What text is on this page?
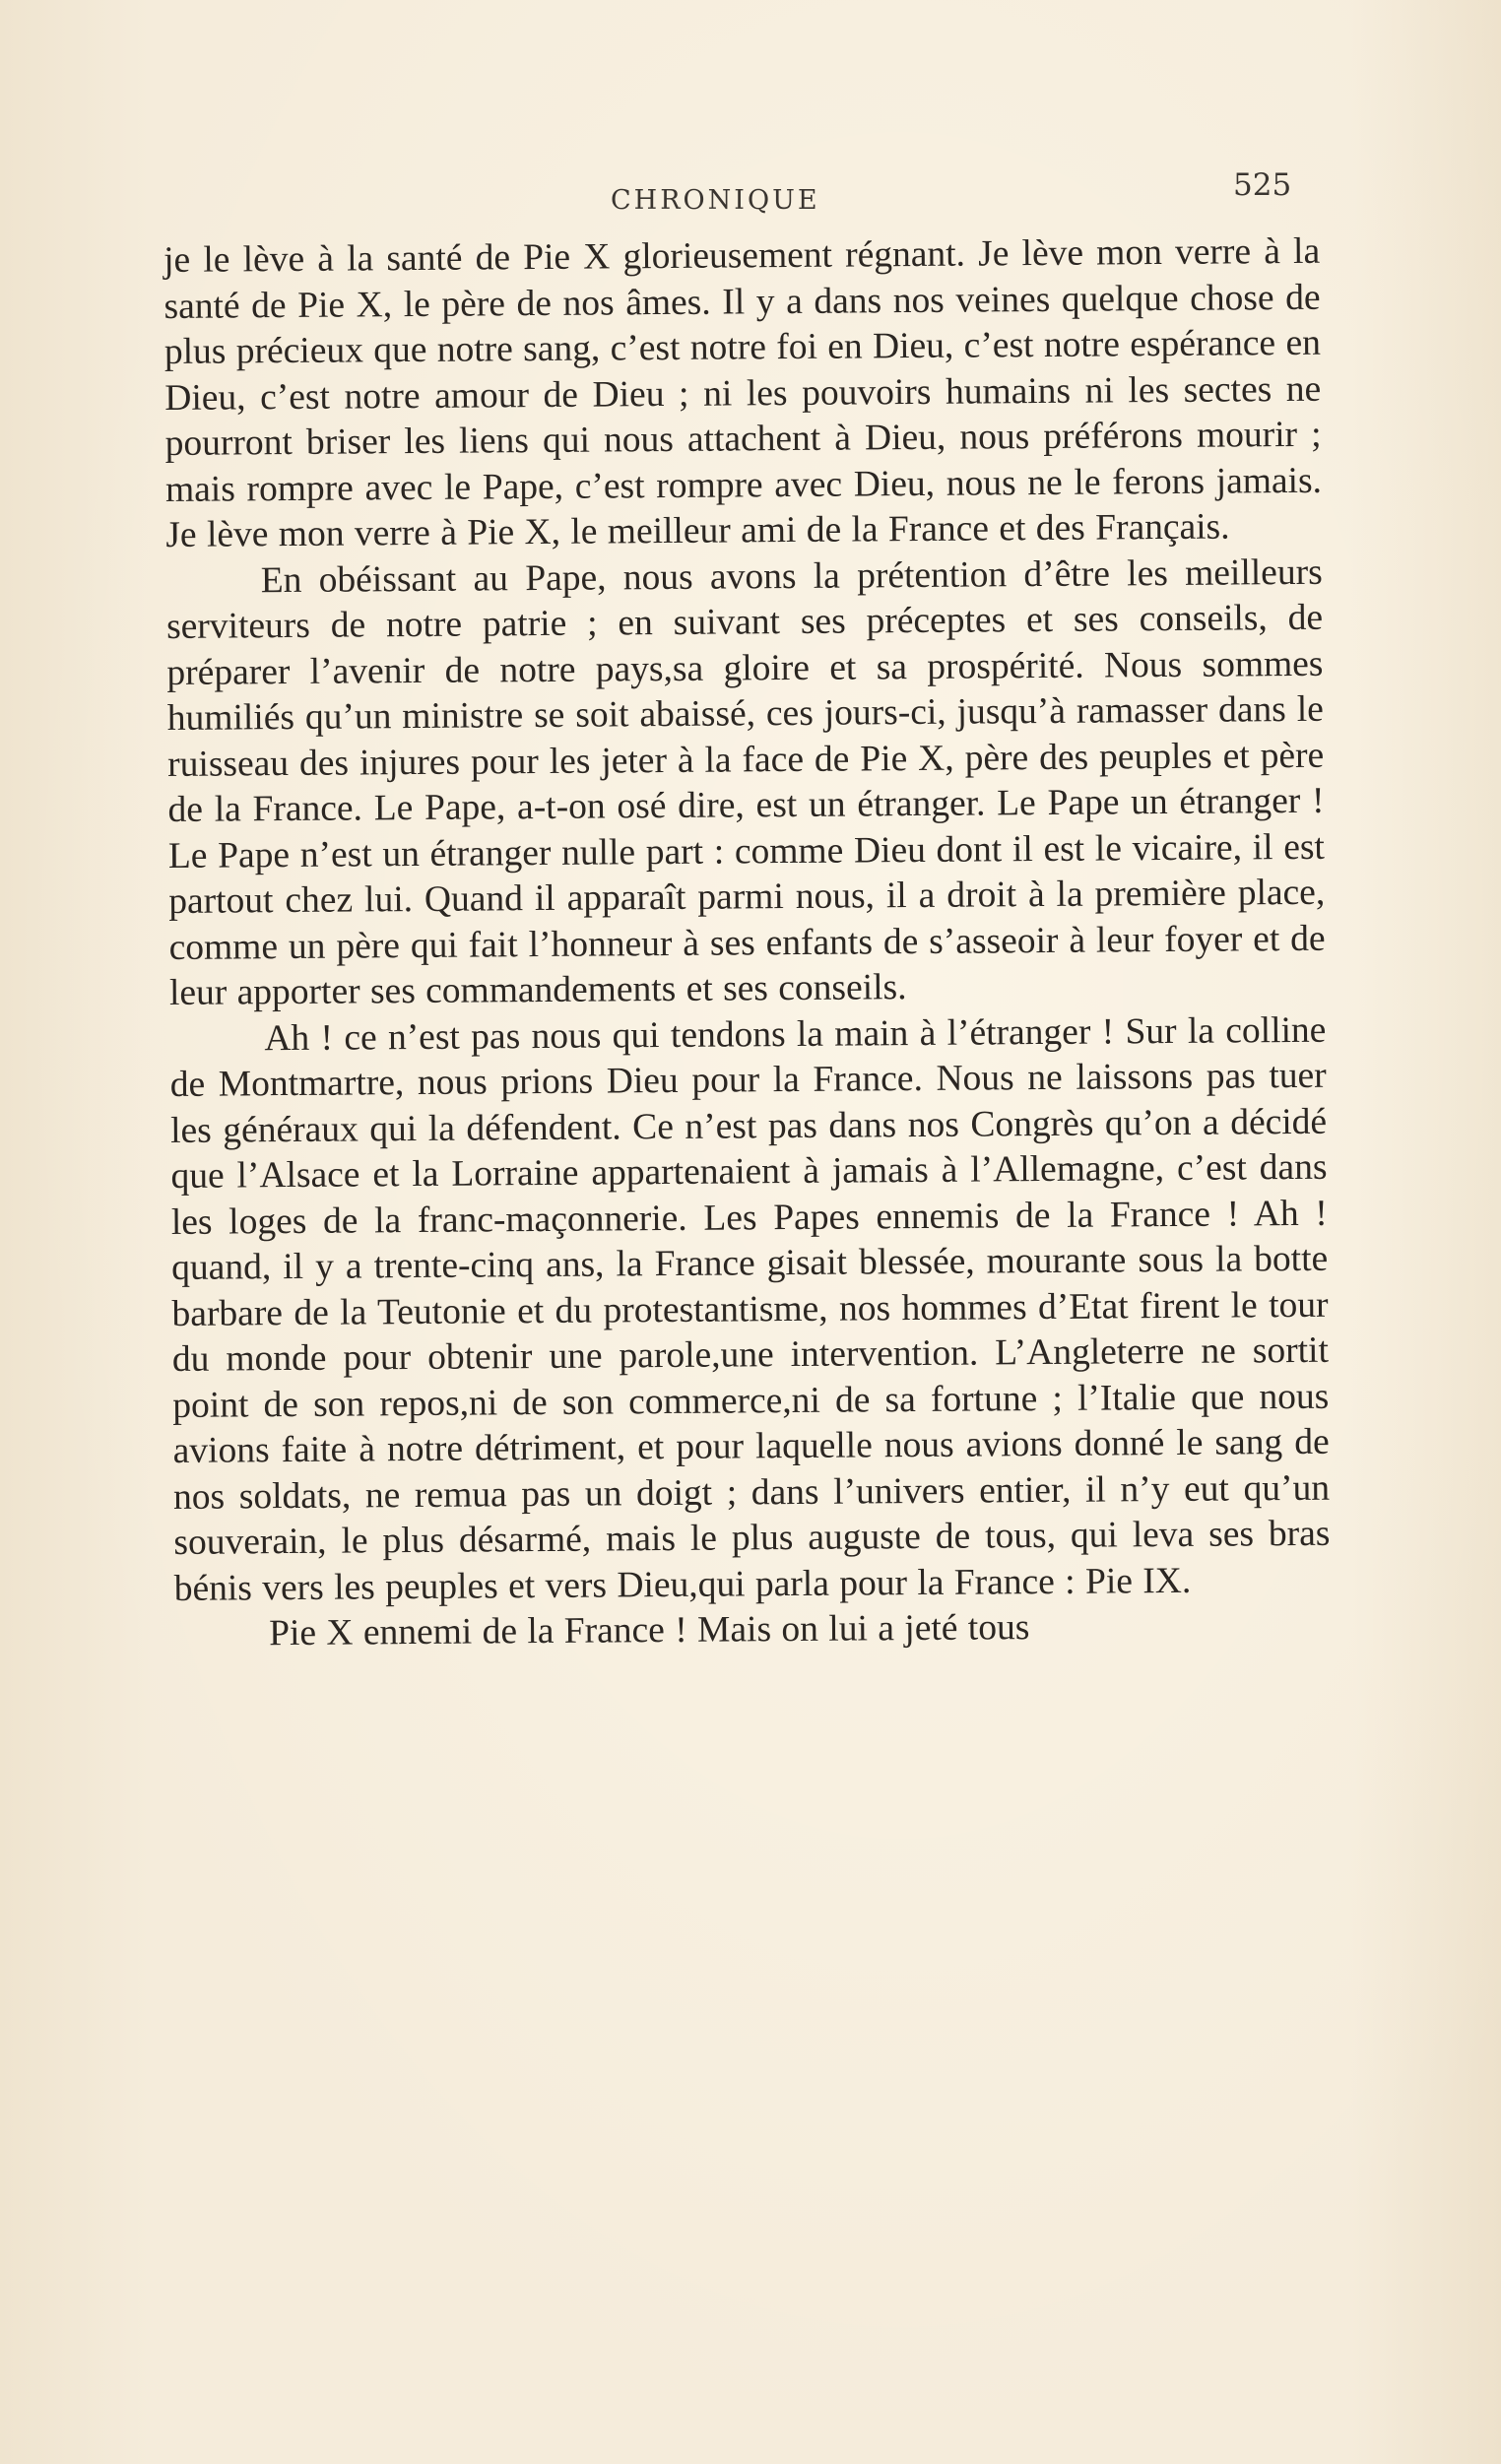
CHRONIQUE	525

je le lève à la santé de Pie X glorieusement régnant. Je lève mon verre à la santé de Pie X, le père de nos âmes. Il y a dans nos veines quelque chose de plus précieux que notre sang, c’est notre foi en Dieu, c’est notre espérance en Dieu, c’est notre amour de Dieu ; ni les pouvoirs humains ni les sectes ne pourront briser les liens qui nous attachent à Dieu, nous préférons mourir ; mais rompre avec le Pape, c’est rompre avec Dieu, nous ne le ferons jamais. Je lève mon verre à Pie X, le meilleur ami de la France et des Français.

En obéissant au Pape, nous avons la prétention d’être les meilleurs serviteurs de notre patrie ; en suivant ses préceptes et ses conseils, de préparer l’avenir de notre pays,sa gloire et sa prospérité. Nous sommes humiliés qu’un ministre se soit abaissé, ces jours-ci, jusqu’à ramasser dans le ruisseau des injures pour les jeter à la face de Pie X, père des peuples et père de la France. Le Pape, a-t-on osé dire, est un étranger. Le Pape un étranger ! Le Pape n’est un étranger nulle part : comme Dieu dont il est le vicaire, il est partout chez lui. Quand il apparaît parmi nous, il a droit à la première place, comme un père qui fait l’honneur à ses enfants de s’asseoir à leur foyer et de leur apporter ses commandements et ses conseils.

Ah ! ce n’est pas nous qui tendons la main à l’étranger ! Sur la colline de Montmartre, nous prions Dieu pour la France. Nous ne laissons pas tuer les généraux qui la défendent. Ce n’est pas dans nos Congrès qu’on a décidé que l’Alsace et la Lorraine appartenaient à jamais à l’Allemagne, c’est dans les loges de la franc-maçonnerie. Les Papes ennemis de la France ! Ah ! quand, il y a trente-cinq ans, la France gisait blessée, mourante sous la botte barbare de la Teutonie et du protestantisme, nos hommes d’Etat firent le tour du monde pour obtenir une parole,une intervention. L’Angleterre ne sortit point de son repos,ni de son commerce,ni de sa fortune ; l’Italie que nous avions faite à notre détriment, et pour laquelle nous avions donné le sang de nos soldats, ne remua pas un doigt ; dans l’univers entier, il n’y eut qu’un souverain, le plus désarmé, mais le plus auguste de tous, qui leva ses bras bénis vers les peuples et vers Dieu,qui parla pour la France : Pie IX.

Pie X ennemi de la France ! Mais on lui a jeté tous
